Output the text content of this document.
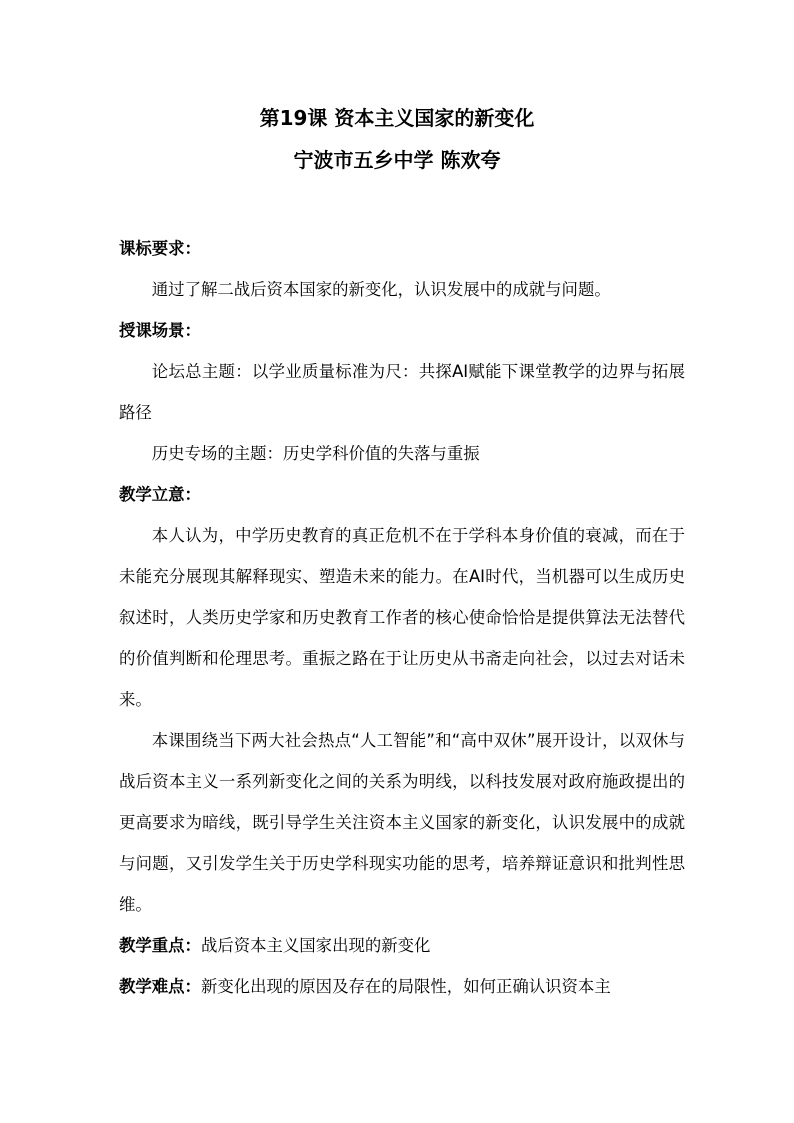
第19课 资本主义国家的新变化
宁波市五乡中学 陈欢夸
课标要求：

通过了解二战后资本国家的新变化，认识发展中的成就与问题。

授课场景：

论坛总主题：以学业质量标准为尺：共探AI赋能下课堂教学的边界与拓展路径

历史专场的主题：历史学科价值的失落与重振

教学立意：

本人认为，中学历史教育的真正危机不在于学科本身价值的衰减，而在于未能充分展现其解释现实、塑造未来的能力。在AI时代，当机器可以生成历史叙述时，人类历史学家和历史教育工作者的核心使命恰恰是提供算法无法替代的价值判断和伦理思考。重振之路在于让历史从书斋走向社会，以过去对话未来。

本课围绕当下两大社会热点“人工智能”和“高中双休”展开设计，以双休与战后资本主义一系列新变化之间的关系为明线，以科技发展对政府施政提出的更高要求为暗线，既引导学生关注资本主义国家的新变化，认识发展中的成就与问题，又引发学生关于历史学科现实功能的思考，培养辩证意识和批判性思维。

教学重点：战后资本主义国家出现的新变化
教学难点：新变化出现的原因及存在的局限性，如何正确认识资本主
